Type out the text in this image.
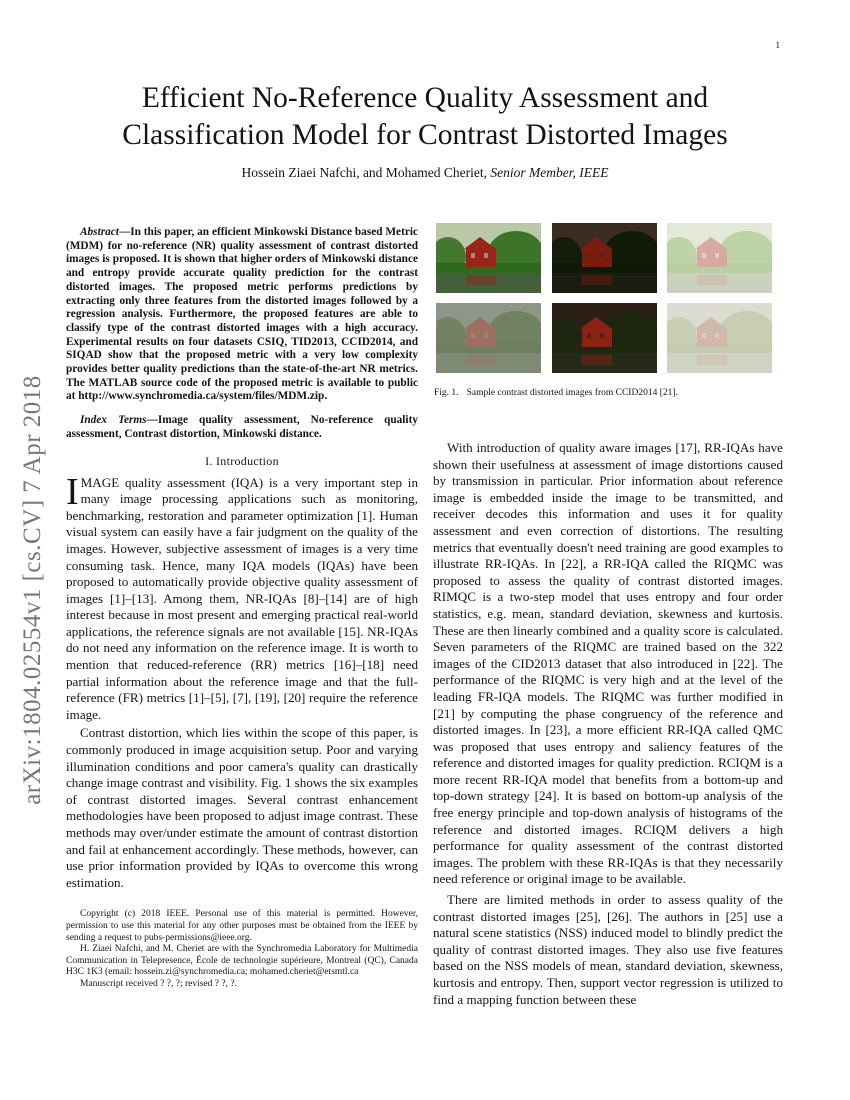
1
arXiv:1804.02554v1 [cs.CV] 7 Apr 2018
Efficient No-Reference Quality Assessment and
Classification Model for Contrast Distorted Images
Hossein Ziaei Nafchi, and Mohamed Cheriet, Senior Member, IEEE

Abstract—In this paper, an efficient Minkowski Distance based Metric (MDM) for no-reference (NR) quality assessment of contrast distorted images is proposed. It is shown that higher orders of Minkowski distance and entropy provide accurate quality prediction for the contrast distorted images. The proposed metric performs predictions by extracting only three features from the distorted images followed by a regression analysis. Furthermore, the proposed features are able to classify type of the contrast distorted images with a high accuracy. Experimental results on four datasets CSIQ, TID2013, CCID2014, and SIQAD show that the proposed metric with a very low complexity provides better quality predictions than the state-of-the-art NR metrics. The MATLAB source code of the proposed metric is available to public at http://www.synchromedia.ca/system/files/MDM.zip.

Index Terms—Image quality assessment, No-reference quality assessment, Contrast distortion, Minkowski distance.

I. Introduction

IMAGE quality assessment (IQA) is a very important step in many image processing applications such as monitoring, benchmarking, restoration and parameter optimization [1]. Human visual system can easily have a fair judgment on the quality of the images. However, subjective assessment of images is a very time consuming task. Hence, many IQA models (IQAs) have been proposed to automatically provide objective quality assessment of images [1]–[13]. Among them, NR-IQAs [8]–[14] are of high interest because in most present and emerging practical real-world applications, the reference signals are not available [15]. NR-IQAs do not need any information on the reference image. It is worth to mention that reduced-reference (RR) metrics [16]–[18] need partial information about the reference image and that the full-reference (FR) metrics [1]–[5], [7], [19], [20] require the reference image.

Contrast distortion, which lies within the scope of this paper, is commonly produced in image acquisition setup. Poor and varying illumination conditions and poor camera's quality can drastically change image contrast and visibility. Fig. 1 shows the six examples of contrast distorted images. Several contrast enhancement methodologies have been proposed to adjust image contrast. These methods may over/under estimate the amount of contrast distortion and fail at enhancement accordingly. These methods, however, can use prior information provided by IQAs to overcome this wrong estimation.

Copyright (c) 2018 IEEE. Personal use of this material is permitted. However, permission to use this material for any other purposes must be obtained from the IEEE by sending a request to pubs-permissions@ieee.org.

H. Ziaei Nafchi, and M. Cheriet are with the Synchromedia Laboratory for Multimedia Communication in Telepresence, École de technologie supérieure, Montreal (QC), Canada H3C 1K3 (email: hossein.zi@synchromedia.ca; mohamed.cheriet@etsmtl.ca

Manuscript received ? ?, ?; revised ? ?, ?.

Fig. 1. Sample contrast distorted images from CCID2014 [21].

With introduction of quality aware images [17], RR-IQAs have shown their usefulness at assessment of image distortions caused by transmission in particular. Prior information about reference image is embedded inside the image to be transmitted, and receiver decodes this information and uses it for quality assessment and even correction of distortions. The resulting metrics that eventually doesn't need training are good examples to illustrate RR-IQAs. In [22], a RR-IQA called the RIQMC was proposed to assess the quality of contrast distorted images. RIMQC is a two-step model that uses entropy and four order statistics, e.g. mean, standard deviation, skewness and kurtosis. These are then linearly combined and a quality score is calculated. Seven parameters of the RIQMC are trained based on the 322 images of the CID2013 dataset that also introduced in [22]. The performance of the RIQMC is very high and at the level of the leading FR-IQA models. The RIQMC was further modified in [21] by computing the phase congruency of the reference and distorted images. In [23], a more efficient RR-IQA called QMC was proposed that uses entropy and saliency features of the reference and distorted images for quality prediction. RCIQM is a more recent RR-IQA model that benefits from a bottom-up and top-down strategy [24]. It is based on bottom-up analysis of the free energy principle and top-down analysis of histograms of the reference and distorted images. RCIQM delivers a high performance for quality assessment of the contrast distorted images. The problem with these RR-IQAs is that they necessarily need reference or original image to be available.

There are limited methods in order to assess quality of the contrast distorted images [25], [26]. The authors in [25] use a natural scene statistics (NSS) induced model to blindly predict the quality of contrast distorted images. They also use five features based on the NSS models of mean, standard deviation, skewness, kurtosis and entropy. Then, support vector regression is utilized to find a mapping function between these
